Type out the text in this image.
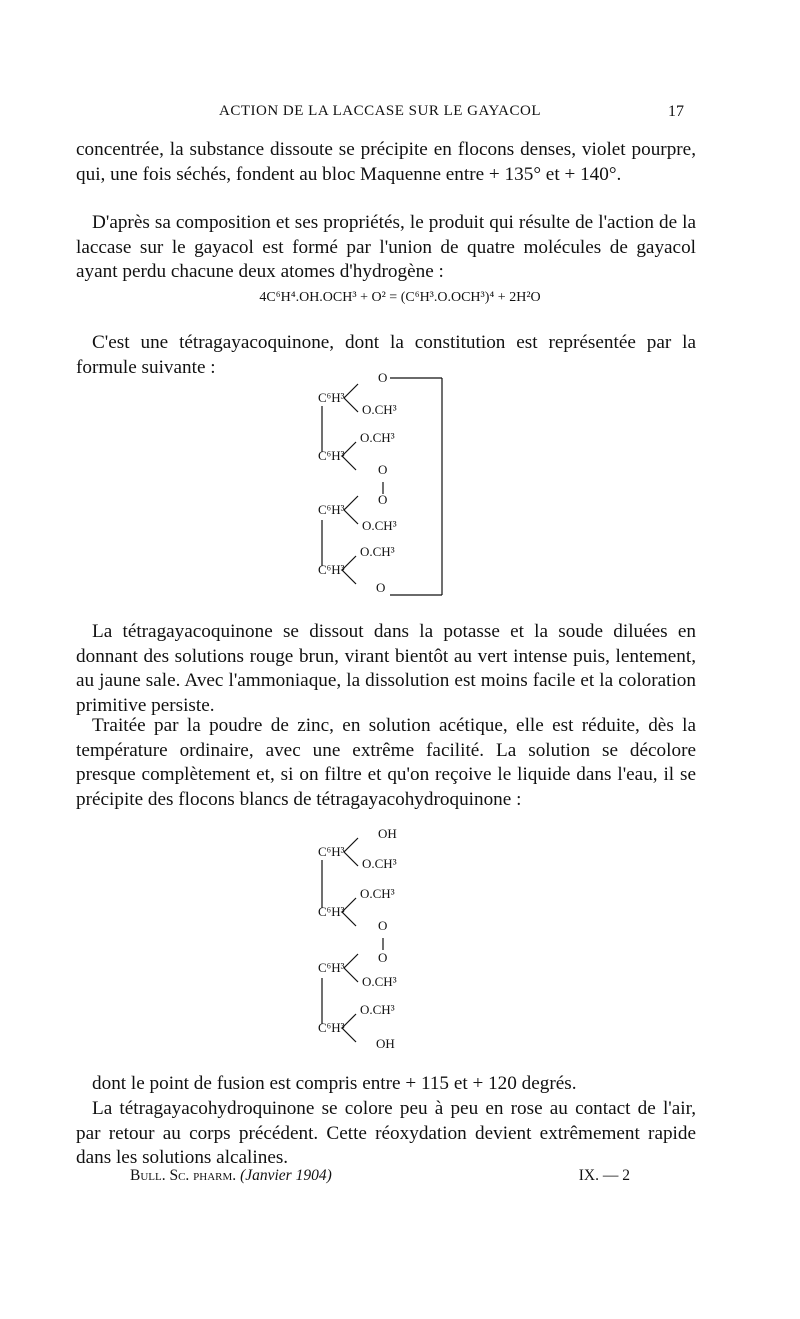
ACTION DE LA LACCASE SUR LE GAYACOL	17

concentrée, la substance dissoute se précipite en flocons denses, violet pourpre, qui, une fois séchés, fondent au bloc Maquenne entre + 135° et + 140°.

D'après sa composition et ses propriétés, le produit qui résulte de l'action de la laccase sur le gayacol est formé par l'union de quatre molécules de gayacol ayant perdu chacune deux atomes d'hydrogène :

4C⁶H⁴.OH.OCH³ + O² = (C⁶H³.O.OCH³)⁴ + 2H²O

C'est une tétragayacoquinone, dont la constitution est représentée par la formule suivante :

C⁶H³
O
O.CH³
C⁶H³
O.CH³
O
C⁶H³
O
O.CH³
C⁶H³
O.CH³
O

La tétragayacoquinone se dissout dans la potasse et la soude diluées en donnant des solutions rouge brun, virant bientôt au vert intense puis, lentement, au jaune sale. Avec l'ammoniaque, la dissolution est moins facile et la coloration primitive persiste.

Traitée par la poudre de zinc, en solution acétique, elle est réduite, dès la température ordinaire, avec une extrême facilité. La solution se décolore presque complètement et, si on filtre et qu'on reçoive le liquide dans l'eau, il se précipite des flocons blancs de tétragayacohydroquinone :

C⁶H³
OH
O.CH³
C⁶H³
O.CH³
O
C⁶H³
O
O.CH³
C⁶H³
O.CH³
OH

dont le point de fusion est compris entre + 115 et + 120 degrés.

La tétragayacohydroquinone se colore peu à peu en rose au contact de l'air, par retour au corps précédent. Cette réoxydation devient extrêmement rapide dans les solutions alcalines.

Bull. Sc. pharm. (Janvier 1904)	IX. — 2
